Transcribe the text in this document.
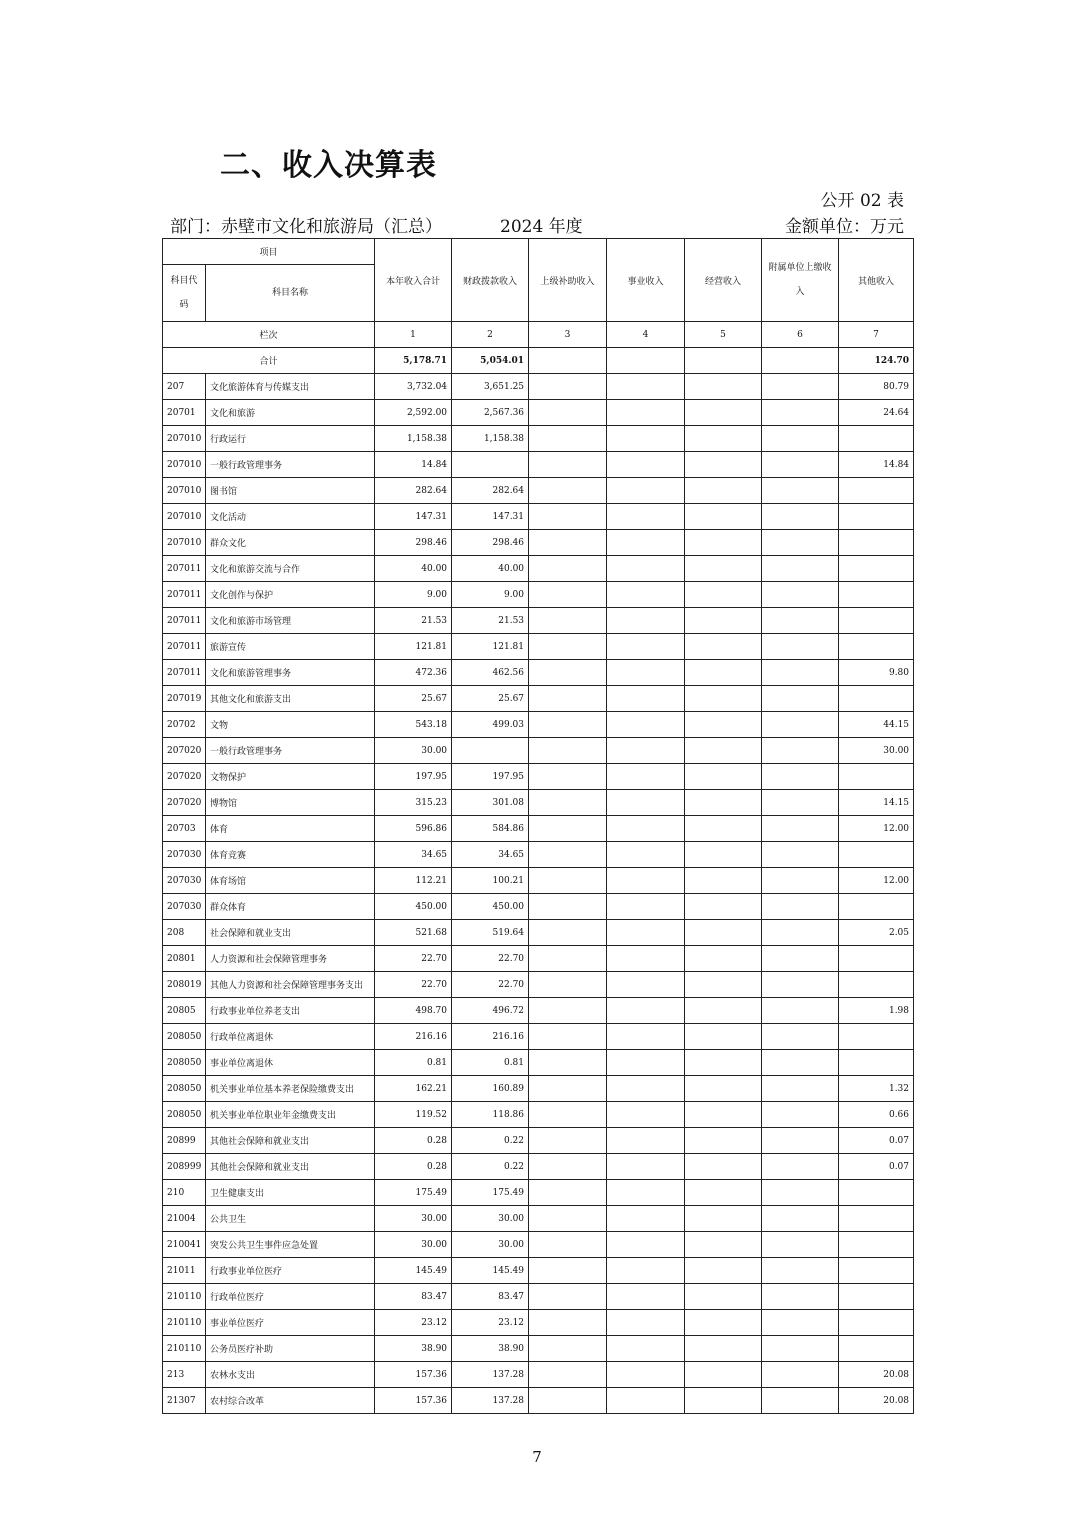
二、收入决算表
公开 02 表
部门：赤壁市文化和旅游局（汇总）	2024 年度	金额单位：万元
项目		本年收入合计	财政拨款收入	上级补助收入	事业收入	经营收入	附属单位上缴收入	其他收入
科目代码	科目名称							
栏次		1	2	3	4	5	6	7
合计		5,178.71	5,054.01					124.70
207	文化旅游体育与传媒支出	3,732.04	3,651.25					80.79
20701	文化和旅游	2,592.00	2,567.36					24.64
207010	行政运行	1,158.38	1,158.38					
207010	一般行政管理事务	14.84						14.84
207010	图书馆	282.64	282.64					
207010	文化活动	147.31	147.31					
207010	群众文化	298.46	298.46					
207011	文化和旅游交流与合作	40.00	40.00					
207011	文化创作与保护	9.00	9.00					
207011	文化和旅游市场管理	21.53	21.53					
207011	旅游宣传	121.81	121.81					
207011	文化和旅游管理事务	472.36	462.56					9.80
207019	其他文化和旅游支出	25.67	25.67					
20702	文物	543.18	499.03					44.15
207020	一般行政管理事务	30.00						30.00
207020	文物保护	197.95	197.95					
207020	博物馆	315.23	301.08					14.15
20703	体育	596.86	584.86					12.00
207030	体育竞赛	34.65	34.65					
207030	体育场馆	112.21	100.21					12.00
207030	群众体育	450.00	450.00					
208	社会保障和就业支出	521.68	519.64					2.05
20801	人力资源和社会保障管理事务	22.70	22.70					
208019	其他人力资源和社会保障管理事务支出	22.70	22.70					
20805	行政事业单位养老支出	498.70	496.72					1.98
208050	行政单位离退休	216.16	216.16					
208050	事业单位离退休	0.81	0.81					
208050	机关事业单位基本养老保险缴费支出	162.21	160.89					1.32
208050	机关事业单位职业年金缴费支出	119.52	118.86					0.66
20899	其他社会保障和就业支出	0.28	0.22					0.07
208999	其他社会保障和就业支出	0.28	0.22					0.07
210	卫生健康支出	175.49	175.49					
21004	公共卫生	30.00	30.00					
210041	突发公共卫生事件应急处置	30.00	30.00					
21011	行政事业单位医疗	145.49	145.49					
210110	行政单位医疗	83.47	83.47					
210110	事业单位医疗	23.12	23.12					
210110	公务员医疗补助	38.90	38.90					
213	农林水支出	157.36	137.28					20.08
21307	农村综合改革	157.36	137.28					20.08
7
